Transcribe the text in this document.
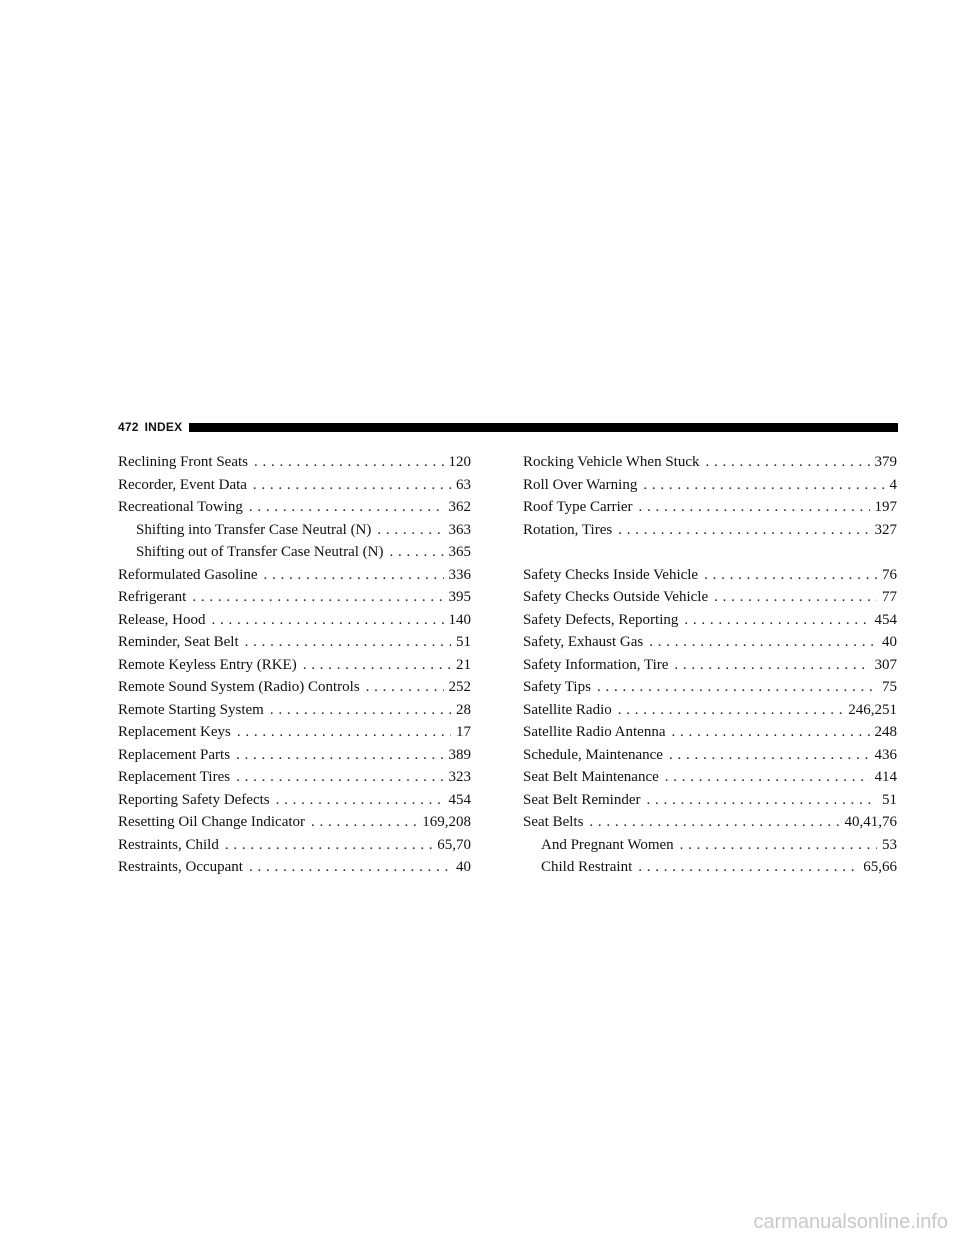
472 INDEX
Reclining Front Seats . . .	120
Recorder, Event Data . . .	63
Recreational Towing . . .	362
Shifting into Transfer Case Neutral (N) . . .	363
Shifting out of Transfer Case Neutral (N) . . .	365
Reformulated Gasoline . . .	336
Refrigerant . . .	395
Release, Hood . . .	140
Reminder, Seat Belt . . .	51
Remote Keyless Entry (RKE) . . .	21
Remote Sound System (Radio) Controls . . .	252
Remote Starting System . . .	28
Replacement Keys . . .	17
Replacement Parts . . .	389
Replacement Tires . . .	323
Reporting Safety Defects . . .	454
Resetting Oil Change Indicator . . .	169,208
Restraints, Child . . .	65,70
Restraints, Occupant . . .	40
Rocking Vehicle When Stuck . . .	379
Roll Over Warning . . .	4
Roof Type Carrier . . .	197
Rotation, Tires . . .	327
Safety Checks Inside Vehicle . . .	76
Safety Checks Outside Vehicle . . .	77
Safety Defects, Reporting . . .	454
Safety, Exhaust Gas . . .	40
Safety Information, Tire . . .	307
Safety Tips . . .	75
Satellite Radio . . .	246,251
Satellite Radio Antenna . . .	248
Schedule, Maintenance . . .	436
Seat Belt Maintenance . . .	414
Seat Belt Reminder . . .	51
Seat Belts . . .	40,41,76
And Pregnant Women . . .	53
Child Restraint . . .	65,66
carmanualsonline.info
